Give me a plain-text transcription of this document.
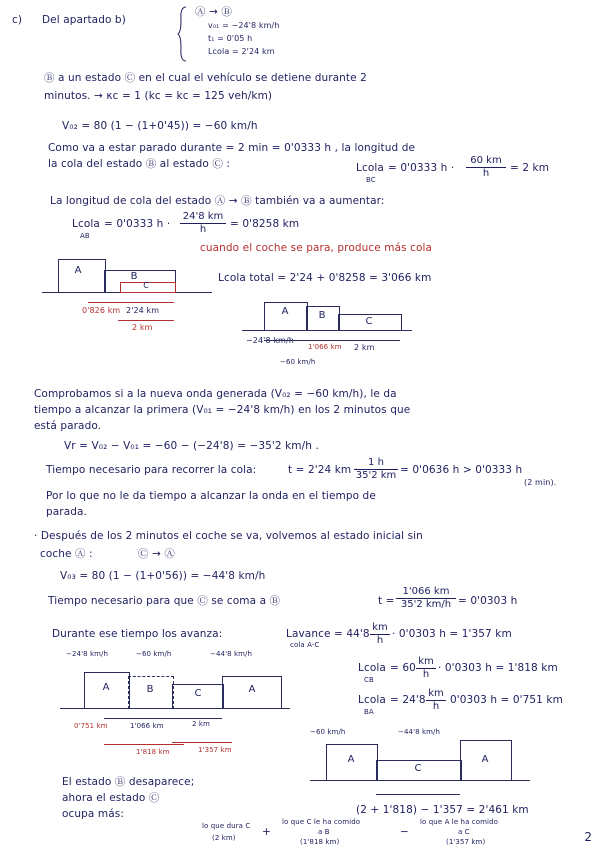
c) Del apartado b)
Ⓐ → Ⓑ
v₀₁ = −24'8 km/h
t₁ = 0'05 h
Lcola = 2'24 km
Ⓑ a un estado Ⓒ en el cual el vehículo se detiene durante 2
minutos. → κc = 1 (kc = kc = 125 veh/km)
V₀₂ = 80 (1 − (1+0'45)) = −60 km/h
Como va a estar parado durante = 2 min = 0'0333 h , la longitud de
la cola del estado Ⓑ al estado Ⓒ :	Lcola
BC
= 0'0333 $h \cdot \frac{60 km}{h} = 2$ km
La longitud de cola del estado Ⓐ → Ⓑ también va a aumentar:
Lcola
AB
= 0'0333 $h \cdot \frac{24'8 km}{h} = 0'8258$ km
cuando el coche se para, produce más cola
A
B
C
0'826 km 2'24 km
2 km
Lcola total = 2'24 + 0'8258 = 3'066 km
A	B
C
−24'8 km/h
1'066 km 2 km
−60 km/h
Comprobamos si a la nueva onda generada (V₀₂ = −60 km/h), le da
tiempo a alcanzar la primera (V₀₁ = −24'8 km/h) en los 2 minutos que
está parado.
Vr = V₀₂ − V₀₁ = −60 − (−24'8) = −35'2 km/h .
Tiempo necesario para recorrer la cola:	t = 2'24 km ·
$\frac{1 h}{35'2 km} = 0'0636$ h > 0'0333 h
(2 min).
Por lo que no le da tiempo a alcanzar la onda en el tiempo de
parada.
· Después de los 2 minutos el coche se va, volvemos al estado inicial sin
coche Ⓐ :	Ⓒ → Ⓐ
V₀₃ = 80 (1 − (1+0'56)) = −44'8 km/h
Tiempo necesario para que Ⓒ se coma a Ⓑ	$t = \frac{1'066 km}{35'2 km/h} = 0'0303$ h
Durante ese tiempo los avanza:	Lavance
cola A-C
= $44'8 \frac{km}{h} \cdot 0'0303$ h = 1'357 km
−24'8 km/h	−60 km/h	−44'8 km/h
A	B	C	A
0'751 km	1'066 km	2 km
1'818 km	1'357 km
Lcola
CB
= $60 \frac{km}{h} \cdot 0'0303$ h = 1'818 km
Lcola
BA
= $24'8 \frac{km}{h} 0'0303$ h = 0'751 km
−60 km/h	−44'8 km/h
A
C
A
(2 + 1'818) − 1'357 = 2'461 km
El estado Ⓑ desaparece;
ahora el estado Ⓒ
ocupa más:
lo que dura C
(2 km)	+
lo que C le ha comido
a B
(1'818 km)
−
lo que A le ha comido
a C
(1'357 km)	2
